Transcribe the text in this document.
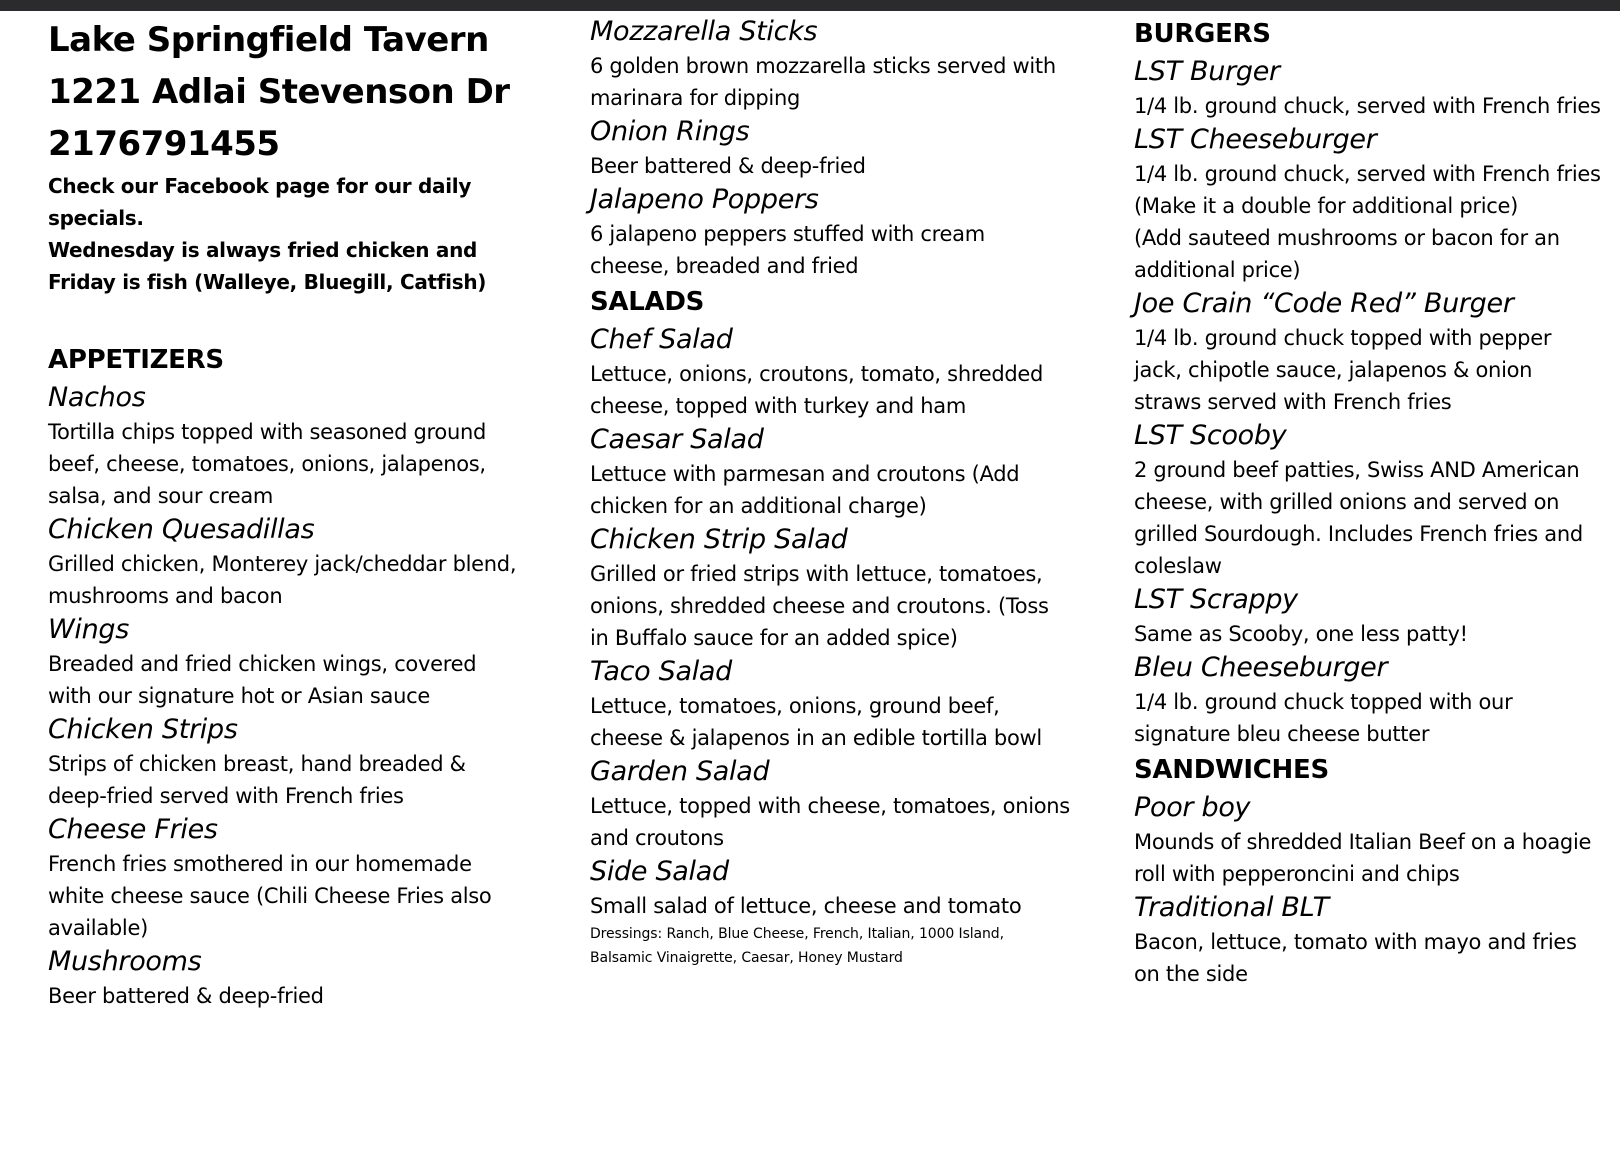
Lake Springfield Tavern
1221 Adlai Stevenson Dr
2176791455
Check our Facebook page for our daily specials.
Wednesday is always fried chicken and Friday is fish (Walleye, Bluegill, Catfish)
APPETIZERS
Nachos
Tortilla chips topped with seasoned ground beef, cheese, tomatoes, onions, jalapenos, salsa, and sour cream
Chicken Quesadillas
Grilled chicken, Monterey jack/cheddar blend, mushrooms and bacon
Wings
Breaded and fried chicken wings, covered with our signature hot or Asian sauce
Chicken Strips
Strips of chicken breast, hand breaded & deep-fried served with French fries
Cheese Fries
French fries smothered in our homemade white cheese sauce (Chili Cheese Fries also available)
Mushrooms
Beer battered & deep-fried
Mozzarella Sticks
6 golden brown mozzarella sticks served with marinara for dipping
Onion Rings
Beer battered & deep-fried
Jalapeno Poppers
6 jalapeno peppers stuffed with cream cheese, breaded and fried
SALADS
Chef Salad
Lettuce, onions, croutons, tomato, shredded cheese, topped with turkey and ham
Caesar Salad
Lettuce with parmesan and croutons (Add chicken for an additional charge)
Chicken Strip Salad
Grilled or fried strips with lettuce, tomatoes, onions, shredded cheese and croutons. (Toss in Buffalo sauce for an added spice)
Taco Salad
Lettuce, tomatoes, onions, ground beef, cheese & jalapenos in an edible tortilla bowl
Garden Salad
Lettuce, topped with cheese, tomatoes, onions and croutons
Side Salad
Small salad of lettuce, cheese and tomato
Dressings: Ranch, Blue Cheese, French, Italian, 1000 Island, Balsamic Vinaigrette, Caesar, Honey Mustard
BURGERS
LST Burger
1/4 lb. ground chuck, served with French fries
LST Cheeseburger
1/4 lb. ground chuck, served with French fries
(Make it a double for additional price)
(Add sauteed mushrooms or bacon for an additional price)
Joe Crain “Code Red” Burger
1/4 lb. ground chuck topped with pepper jack, chipotle sauce, jalapenos & onion straws served with French fries
LST Scooby
2 ground beef patties, Swiss AND American cheese, with grilled onions and served on grilled Sourdough. Includes French fries and coleslaw
LST Scrappy
Same as Scooby, one less patty!
Bleu Cheeseburger
1/4 lb. ground chuck topped with our signature bleu cheese butter
SANDWICHES
Poor boy
Mounds of shredded Italian Beef on a hoagie roll with pepperoncini and chips
Traditional BLT
Bacon, lettuce, tomato with mayo and fries on the side
